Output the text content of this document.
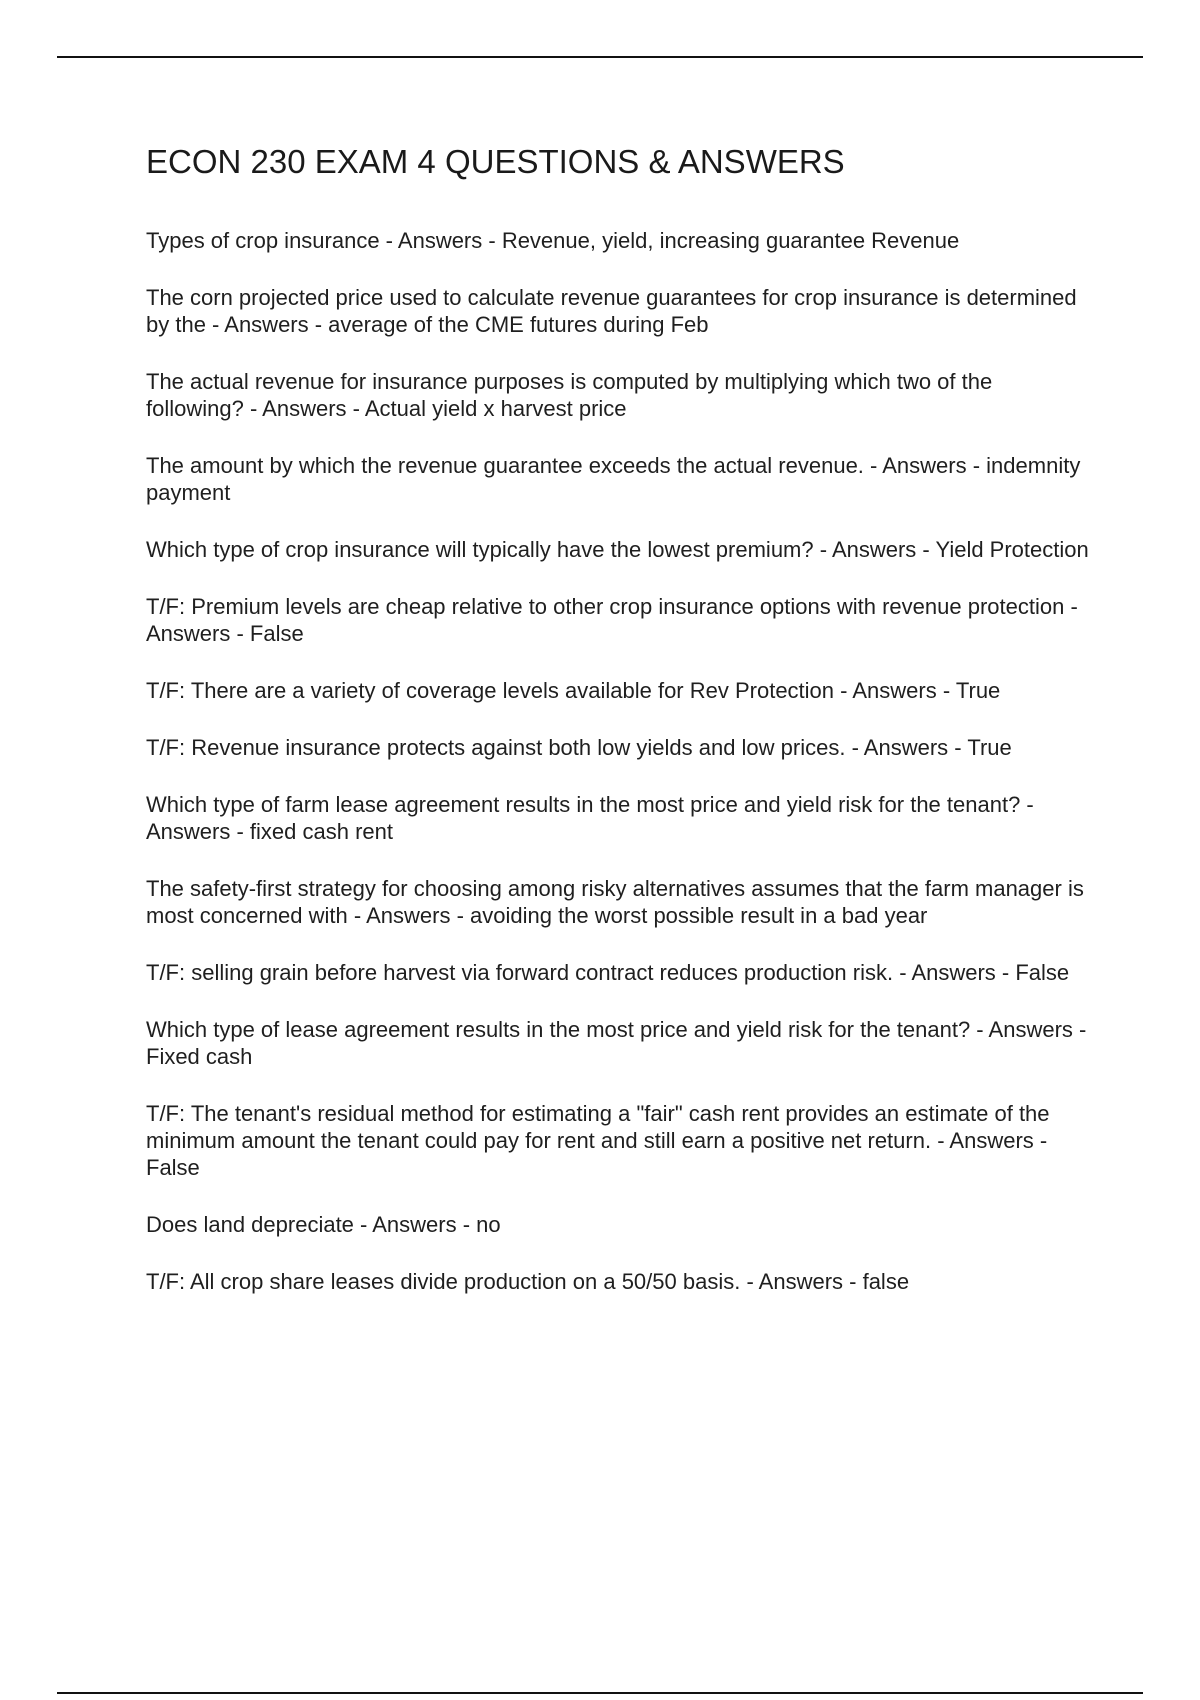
ECON 230 EXAM 4 QUESTIONS & ANSWERS

Types of crop insurance - Answers - Revenue, yield, increasing guarantee Revenue

The corn projected price used to calculate revenue guarantees for crop insurance is determined by the - Answers - average of the CME futures during Feb

The actual revenue for insurance purposes is computed by multiplying which two of the following? - Answers - Actual yield x harvest price

The amount by which the revenue guarantee exceeds the actual revenue. - Answers - indemnity payment

Which type of crop insurance will typically have the lowest premium? - Answers - Yield Protection

T/F: Premium levels are cheap relative to other crop insurance options with revenue protection - Answers - False

T/F: There are a variety of coverage levels available for Rev Protection - Answers - True

T/F: Revenue insurance protects against both low yields and low prices. - Answers - True

Which type of farm lease agreement results in the most price and yield risk for the tenant? - Answers - fixed cash rent

The safety-first strategy for choosing among risky alternatives assumes that the farm manager is most concerned with - Answers - avoiding the worst possible result in a bad year

T/F: selling grain before harvest via forward contract reduces production risk. - Answers - False

Which type of lease agreement results in the most price and yield risk for the tenant? - Answers - Fixed cash

T/F: The tenant's residual method for estimating a "fair" cash rent provides an estimate of the minimum amount the tenant could pay for rent and still earn a positive net return. - Answers - False

Does land depreciate - Answers - no

T/F: All crop share leases divide production on a 50/50 basis. - Answers - false
